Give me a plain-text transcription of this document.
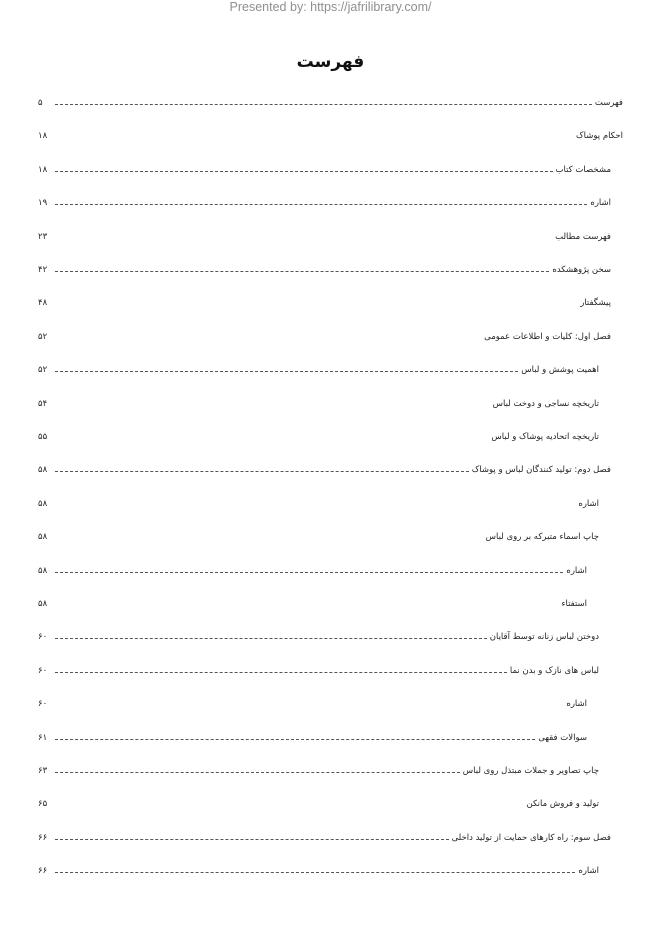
Presented by: https://jafrilibrary.com/
فهرست
۵	فهرست
۱۸	احکام پوشاک
۱۸	مشخصات کتاب
۱۹	اشاره
۲۳	فهرست مطالب
۴۲	سخن پژوهشکده
۴۸	پیشگفتار
۵۲	فصل اول: کلیات و اطلاعات عمومی
۵۲	اهمیت پوشش و لباس
۵۴	تاریخچه نساجی و دوخت لباس
۵۵	تاریخچه اتحادیه پوشاک و لباس
۵۸	فصل دوم: تولید کنندگان لباس و پوشاک
۵۸	اشاره
۵۸	چاپ اسماء متبرکه بر روی لباس
۵۸	اشاره
۵۸	استفتاء
۶۰	دوختن لباس زنانه توسط آقایان
۶۰	لباس های نازک و بدن نما
۶۰	اشاره
۶۱	سوالات فقهی
۶۳	چاپ تصاویر و جملات مبتذل روی لباس
۶۵	تولید و فروش مانکن
۶۶	فصل سوم: راه کارهای حمایت از تولید داخلی
۶۶	اشاره
